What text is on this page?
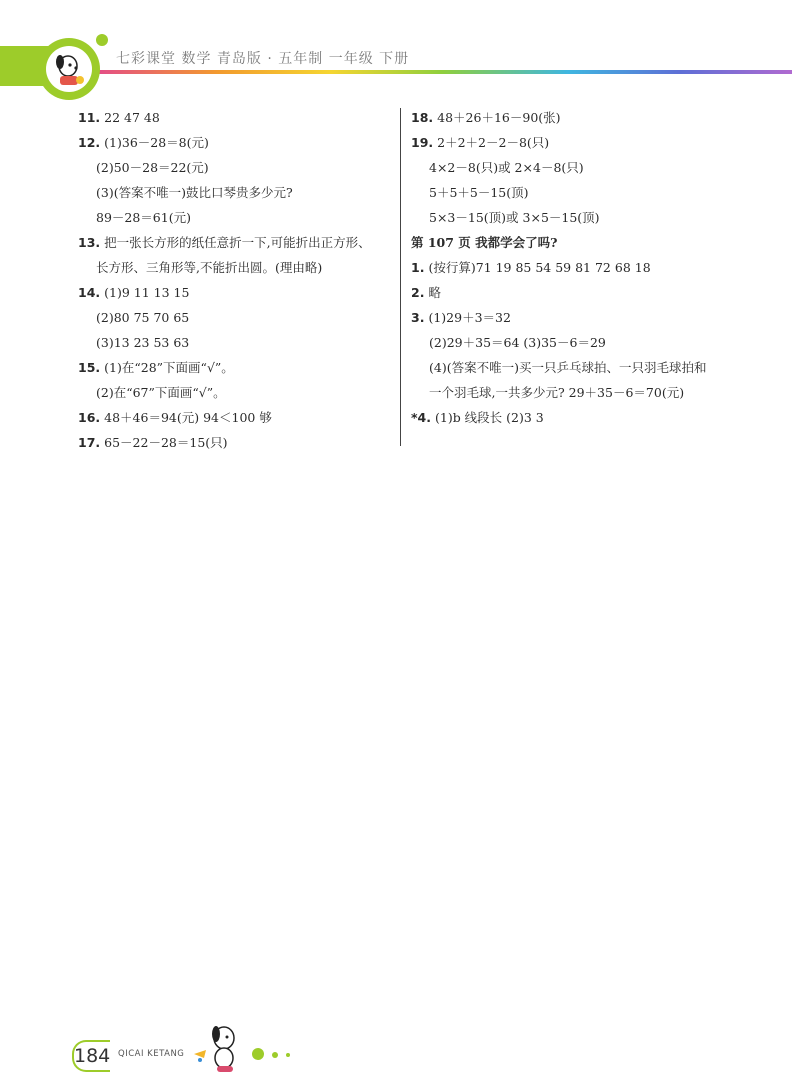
七彩课堂 数学 青岛版 · 五年制 一年级 下册
11. 22 47 48
12. (1)36－28＝8(元)
(2)50－28＝22(元)
(3)(答案不唯一)鼓比口琴贵多少元?
89－28＝61(元)
13. 把一张长方形的纸任意折一下,可能折出正方形、
长方形、三角形等,不能折出圆。(理由略)
14. (1)9 11 13 15
(2)80 75 70 65
(3)13 23 53 63
15. (1)在“28”下面画“√”。
(2)在“67”下面画“√”。
16. 48＋46＝94(元) 94＜100 够
17. 65－22－28＝15(只)
18. 48＋26＋16－90(张)
19. 2＋2＋2－2－8(只)
4×2－8(只)或 2×4－8(只)
5＋5＋5－15(顶)
5×3－15(顶)或 3×5－15(顶)
第 107 页 我都学会了吗?
1. (按行算)71 19 85 54 59 81 72 68 18
2. 略
3. (1)29＋3＝32
(2)29＋35＝64 (3)35－6＝29
(4)(答案不唯一)买一只乒乓球拍、一只羽毛球拍和
一个羽毛球,一共多少元? 29＋35－6＝70(元)
*4. (1)b 线段长 (2)3 3
184 QICAI KETANG
